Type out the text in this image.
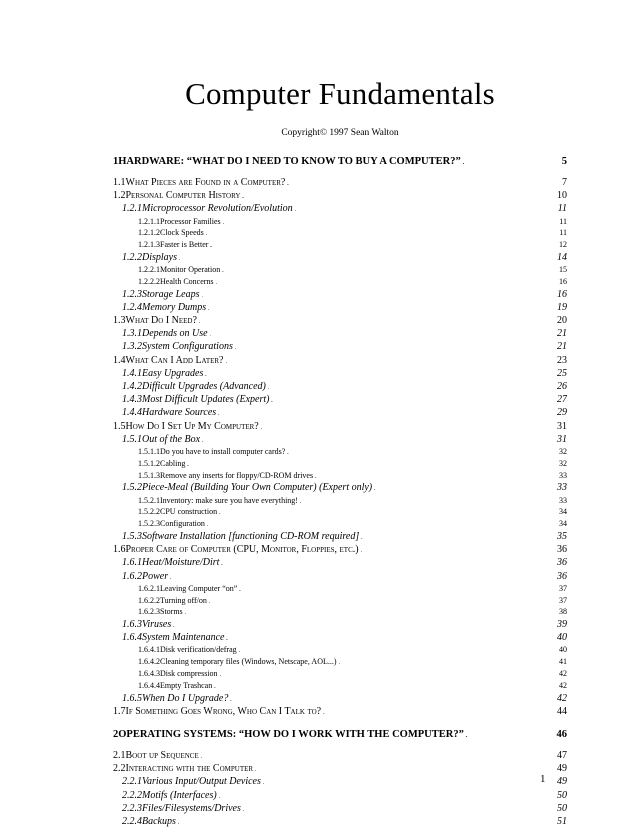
Computer Fundamentals
Copyright© 1997 Sean Walton
1HARDWARE: “WHAT DO I NEED TO KNOW TO BUY A COMPUTER?” . . .	5
1.1What Pieces are Found in a Computer? . . .	7
1.2Personal Computer History . . .	10
1.2.1Microprocessor Revolution/Evolution . . .	11
1.2.1.1Processor Families . . .	11
1.2.1.2Clock Speeds . . .	11
1.2.1.3Faster is Better . . .	12
1.2.2Displays . . .	14
1.2.2.1Monitor Operation . . .	15
1.2.2.2Health Concerns . . .	16
1.2.3Storage Leaps . . .	16
1.2.4Memory Dumps . . .	19
1.3What Do I Need? . . .	20
1.3.1Depends on Use . . .	21
1.3.2System Configurations . . .	21
1.4What Can I Add Later? . . .	23
1.4.1Easy Upgrades . . .	25
1.4.2Difficult Upgrades (Advanced) . . .	26
1.4.3Most Difficult Updates (Expert) . . .	27
1.4.4Hardware Sources . . .	29
1.5How Do I Set Up My Computer? . . .	31
1.5.1Out of the Box . . .	31
1.5.1.1Do you have to install computer cards? . . .	32
1.5.1.2Cabling . . .	32
1.5.1.3Remove any inserts for floppy/CD-ROM drives . . .	33
1.5.2Piece-Meal (Building Your Own Computer) (Expert only) . . .	33
1.5.2.1Inventory: make sure you have everything! . . .	33
1.5.2.2CPU construction . . .	34
1.5.2.3Configuration . . .	34
1.5.3Software Installation [functioning CD-ROM required] . . .	35
1.6Proper Care of Computer (CPU, Monitor, Floppies, etc.) . . .	36
1.6.1Heat/Moisture/Dirt . . .	36
1.6.2Power . . .	36
1.6.2.1Leaving Computer “on” . . .	37
1.6.2.2Turning off/on . . .	37
1.6.2.3Storms . . .	38
1.6.3Viruses . . .	39
1.6.4System Maintenance . . .	40
1.6.4.1Disk verification/defrag . . .	40
1.6.4.2Cleaning temporary files (Windows, Netscape, AOL...) . . .	41
1.6.4.3Disk compression . . .	42
1.6.4.4Empty Trashcan . . .	42
1.6.5When Do I Upgrade? . . .	42
1.7If Something Goes Wrong, Who Can I Talk to? . . .	44
2OPERATING SYSTEMS: “HOW DO I WORK WITH THE COMPUTER?” . . .	46
2.1Boot up Sequence . . .	47
2.2Interacting with the Computer . . .	49
2.2.1Various Input/Output Devices . . .	49
2.2.2Motifs (Interfaces) . . .	50
2.2.3Files/Filesystems/Drives . . .	50
2.2.4Backups . . .	51
1
